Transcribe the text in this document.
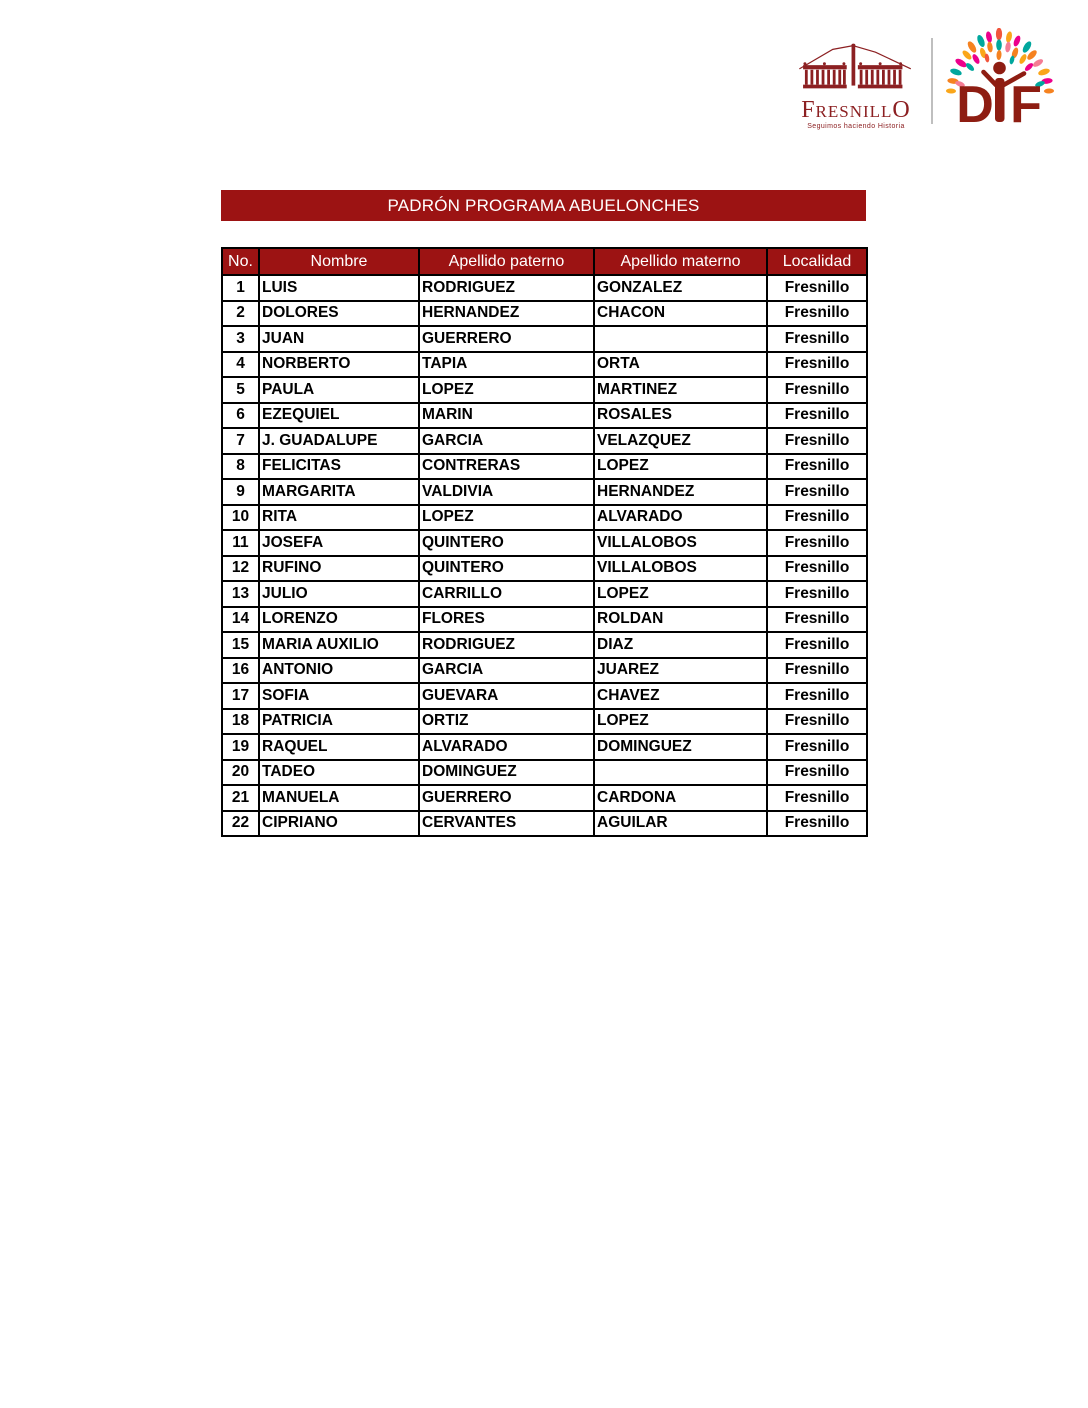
FresnillO
Seguimos haciendo Historia D F
PADRÓN PROGRAMA ABUELONCHES
No.	Nombre	Apellido paterno	Apellido materno	Localidad
1	LUIS	RODRIGUEZ	GONZALEZ	Fresnillo
2	DOLORES	HERNANDEZ	CHACON	Fresnillo
3	JUAN	GUERRERO		Fresnillo
4	NORBERTO	TAPIA	ORTA	Fresnillo
5	PAULA	LOPEZ	MARTINEZ	Fresnillo
6	EZEQUIEL	MARIN	ROSALES	Fresnillo
7	J. GUADALUPE	GARCIA	VELAZQUEZ	Fresnillo
8	FELICITAS	CONTRERAS	LOPEZ	Fresnillo
9	MARGARITA	VALDIVIA	HERNANDEZ	Fresnillo
10	RITA	LOPEZ	ALVARADO	Fresnillo
11	JOSEFA	QUINTERO	VILLALOBOS	Fresnillo
12	RUFINO	QUINTERO	VILLALOBOS	Fresnillo
13	JULIO	CARRILLO	LOPEZ	Fresnillo
14	LORENZO	FLORES	ROLDAN	Fresnillo
15	MARIA AUXILIO	RODRIGUEZ	DIAZ	Fresnillo
16	ANTONIO	GARCIA	JUAREZ	Fresnillo
17	SOFIA	GUEVARA	CHAVEZ	Fresnillo
18	PATRICIA	ORTIZ	LOPEZ	Fresnillo
19	RAQUEL	ALVARADO	DOMINGUEZ	Fresnillo
20	TADEO	DOMINGUEZ		Fresnillo
21	MANUELA	GUERRERO	CARDONA	Fresnillo
22	CIPRIANO	CERVANTES	AGUILAR	Fresnillo
